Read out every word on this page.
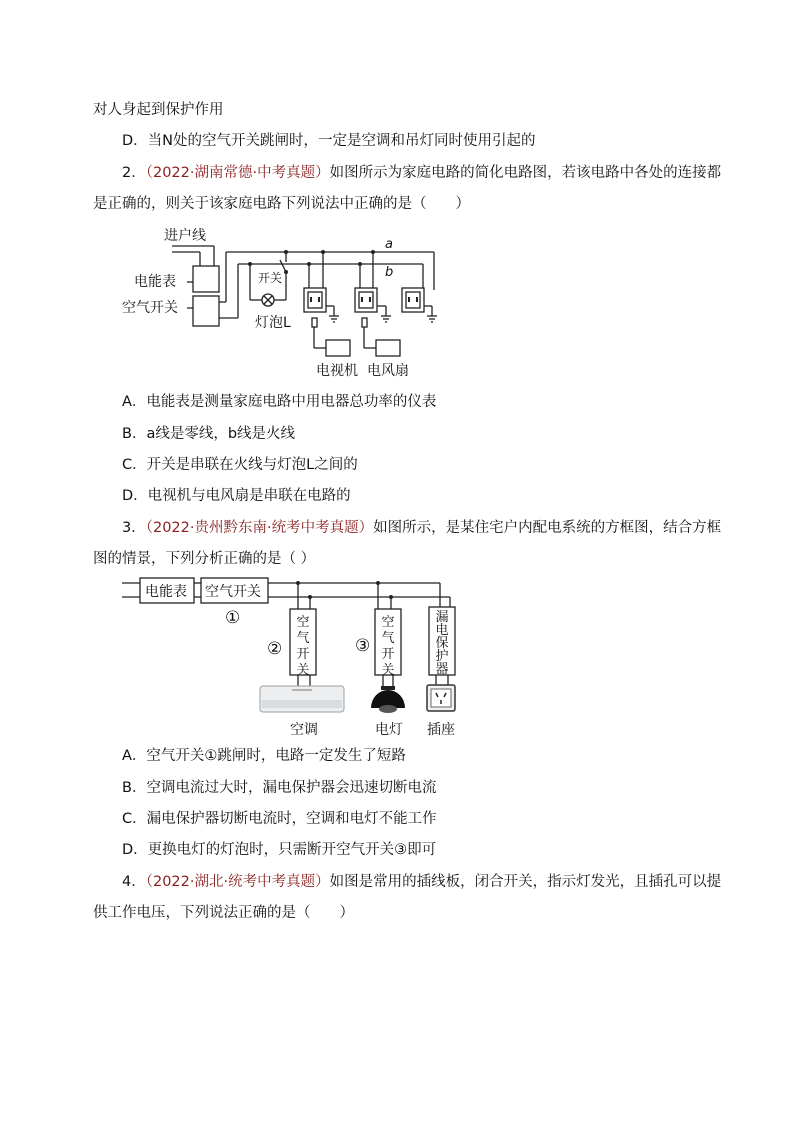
对人身起到保护作用
D．当N处的空气开关跳闸时，一定是空调和吊灯同时使用引起的
2．（2022·湖南常德·中考真题）如图所示为家庭电路的简化电路图，若该电路中各处的连接都
是正确的，则关于该家庭电路下列说法中正确的是（　　）
进户线
电能表
空气开关
开关
灯泡L
a
b
电视机 电风扇
A．电能表是测量家庭电路中用电器总功率的仪表
B．a线是零线，b线是火线
C．开关是串联在火线与灯泡L之间的
D．电视机与电风扇是串联在电路的
3．（2022·贵州黔东南·统考中考真题）如图所示，是某住宅户内配电系统的方框图，结合方框
图的情景，下列分析正确的是（ ）
电能表 空气开关
①
②	③
空
气
开
关
空
气
开
关
漏
电
保
护
器
空调	电灯 插座
A．空气开关①跳闸时，电路一定发生了短路
B．空调电流过大时，漏电保护器会迅速切断电流
C．漏电保护器切断电流时，空调和电灯不能工作
D．更换电灯的灯泡时，只需断开空气开关③即可
4．（2022·湖北·统考中考真题）如图是常用的插线板，闭合开关，指示灯发光，且插孔可以提
供工作电压，下列说法正确的是（　　）
